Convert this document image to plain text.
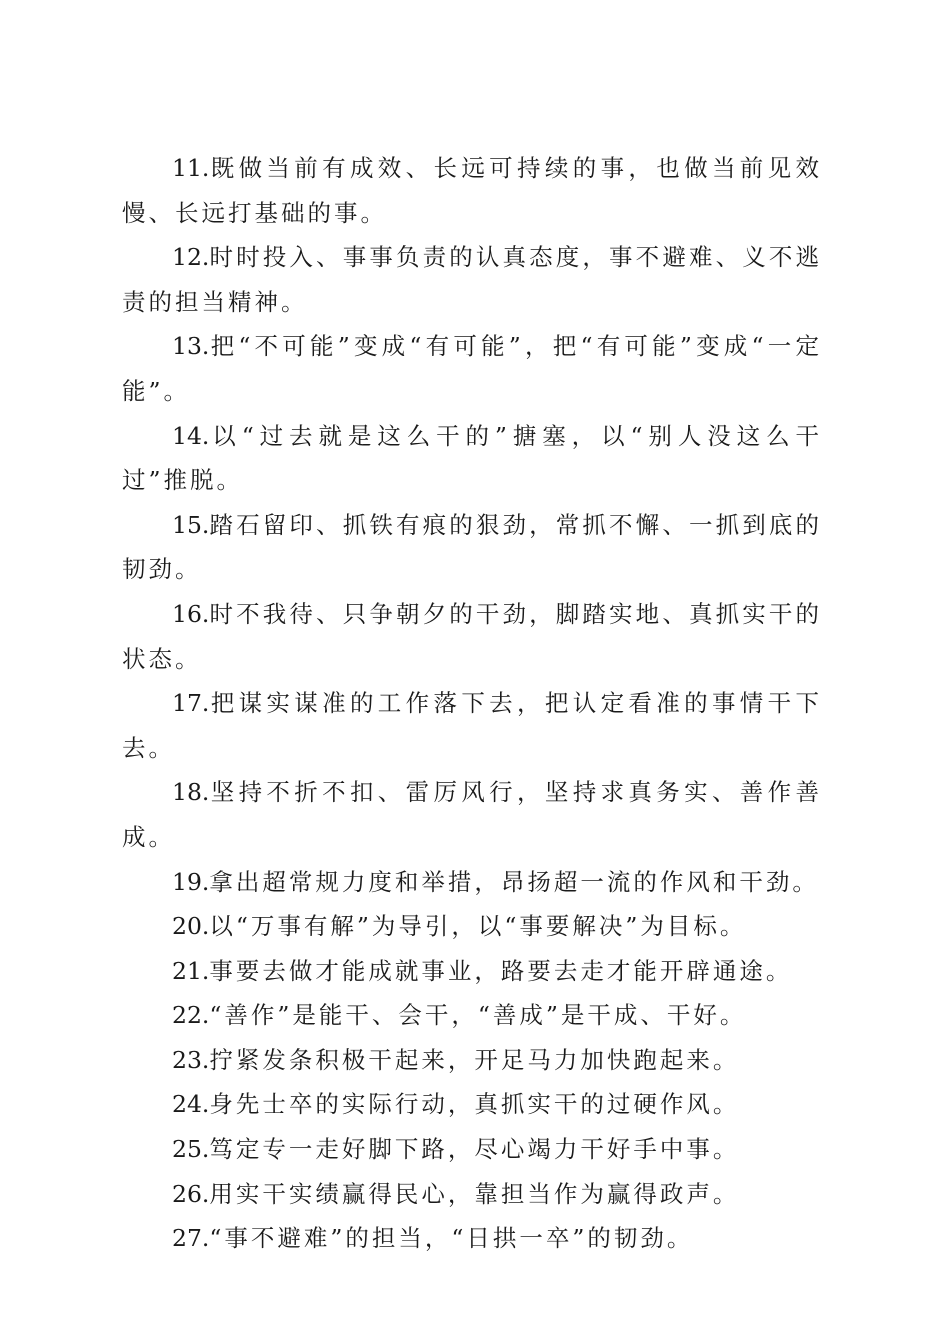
11.既做当前有成效、长远可持续的事，也做当前见效慢、长远打基础的事。

12.时时投入、事事负责的认真态度，事不避难、义不逃责的担当精神。

13.把“不可能”变成“有可能”，把“有可能”变成“一定能”。

14.以“过去就是这么干的”搪塞，以“别人没这么干过”推脱。

15.踏石留印、抓铁有痕的狠劲，常抓不懈、一抓到底的韧劲。

16.时不我待、只争朝夕的干劲，脚踏实地、真抓实干的状态。

17.把谋实谋准的工作落下去，把认定看准的事情干下去。

18.坚持不折不扣、雷厉风行，坚持求真务实、善作善成。

19.拿出超常规力度和举措，昂扬超一流的作风和干劲。

20.以“万事有解”为导引，以“事要解决”为目标。

21.事要去做才能成就事业，路要去走才能开辟通途。

22.“善作”是能干、会干，“善成”是干成、干好。

23.拧紧发条积极干起来，开足马力加快跑起来。

24.身先士卒的实际行动，真抓实干的过硬作风。

25.笃定专一走好脚下路，尽心竭力干好手中事。

26.用实干实绩赢得民心，靠担当作为赢得政声。

27.“事不避难”的担当，“日拱一卒”的韧劲。
